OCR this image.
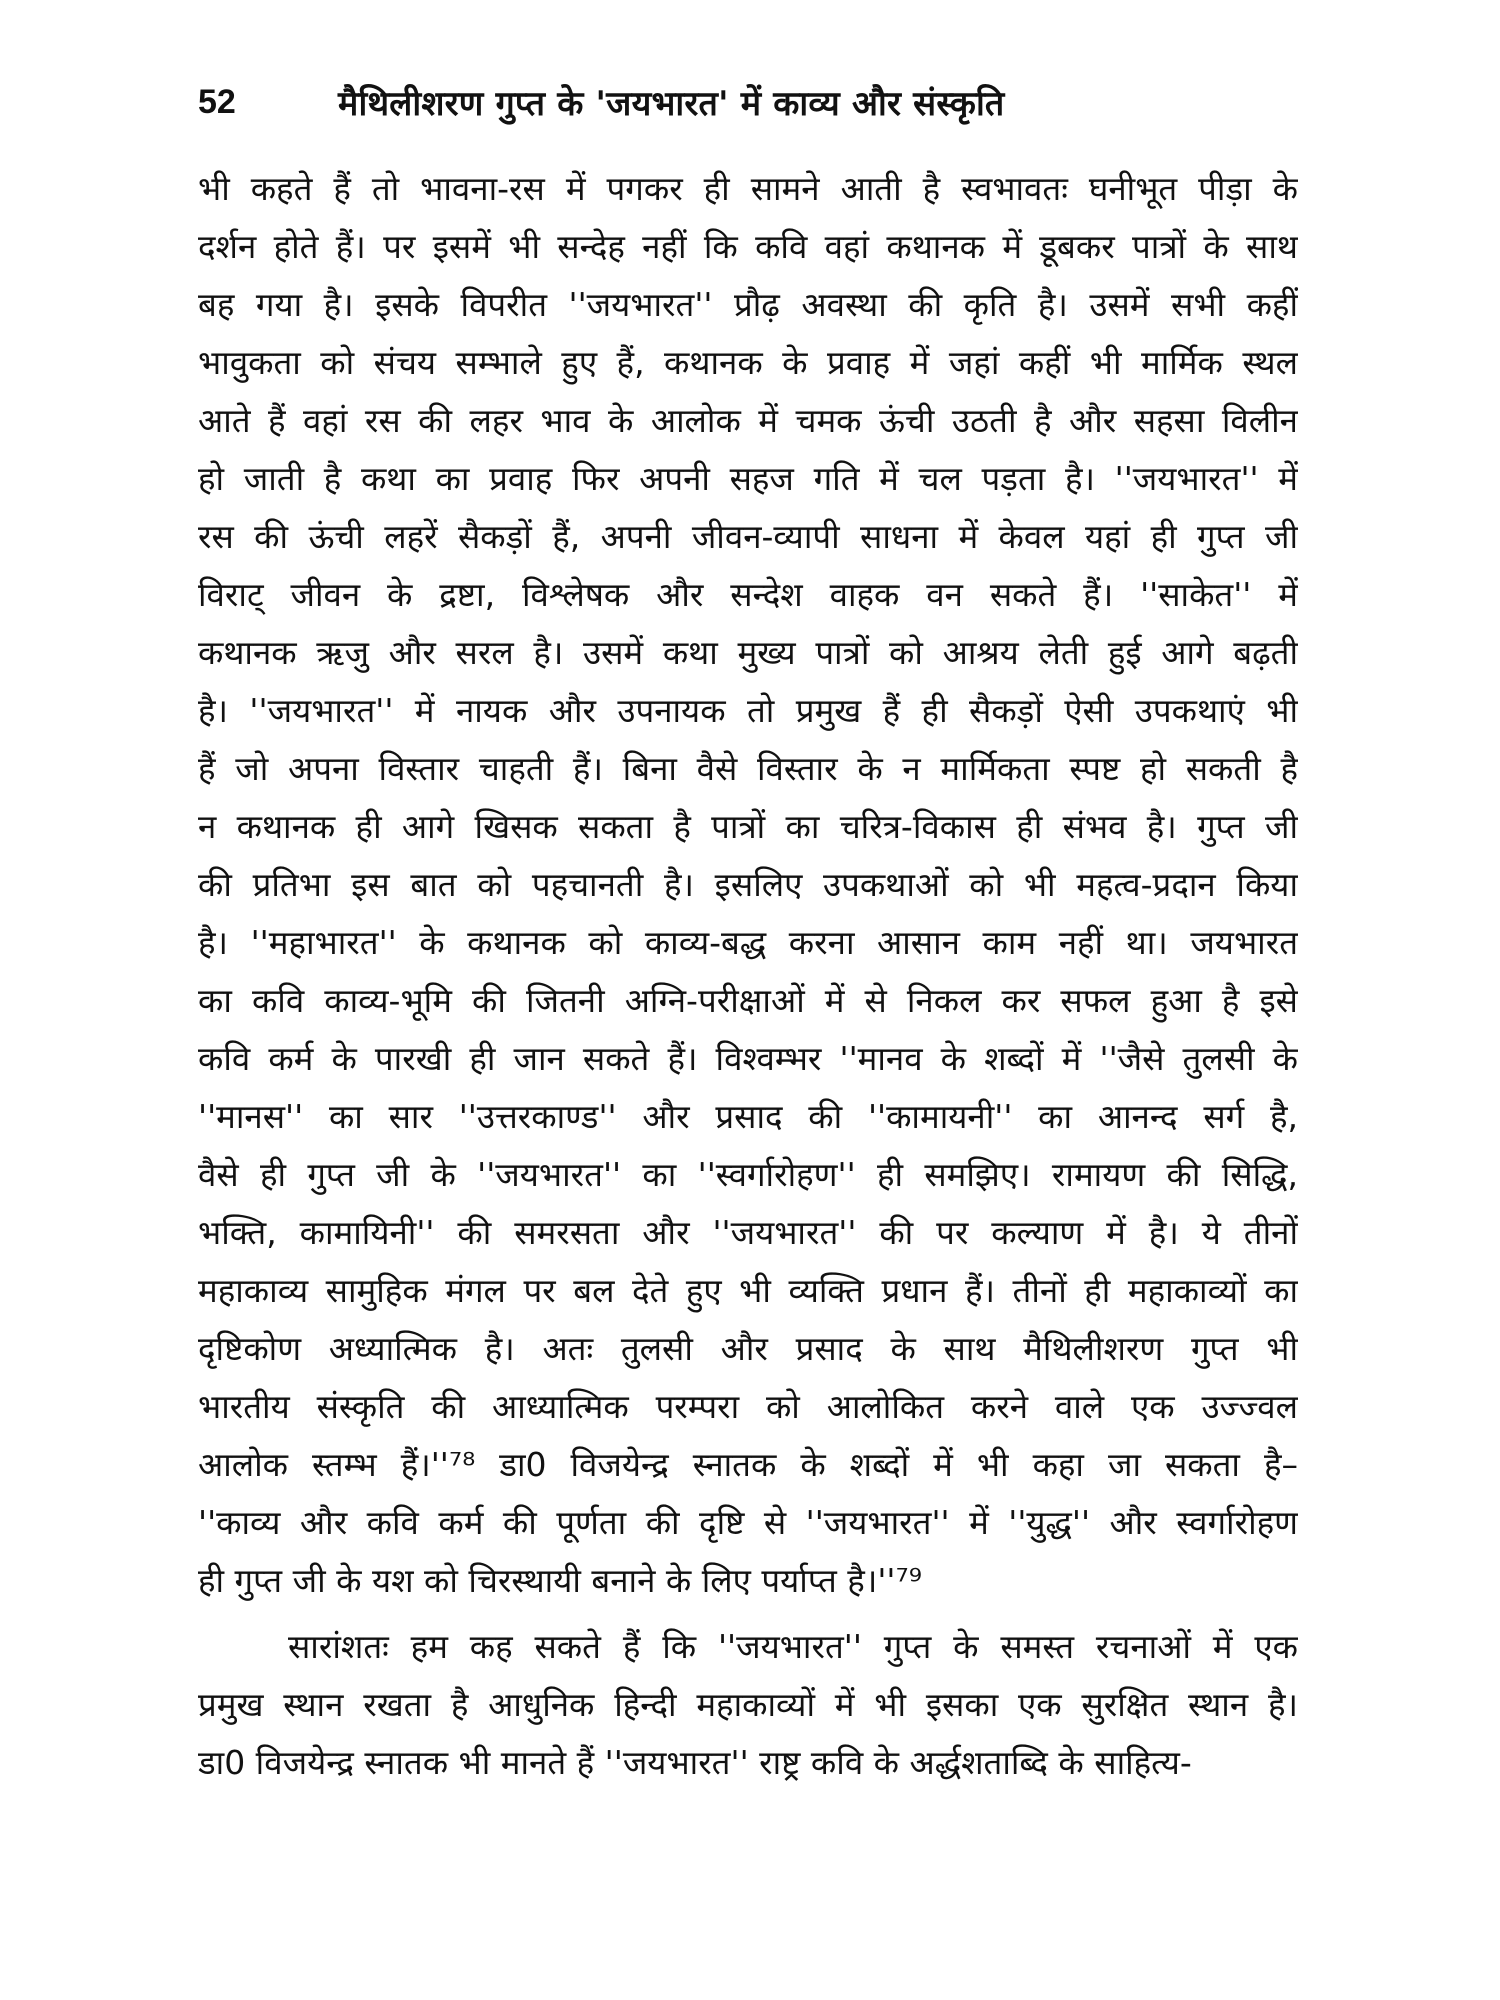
52	मैथिलीशरण गुप्त के 'जयभारत' में काव्य और संस्कृति
भी कहते हैं तो भावना-रस में पगकर ही सामने आती है स्वभावतः घनीभूत पीड़ा के
दर्शन होते हैं। पर इसमें भी सन्देह नहीं कि कवि वहां कथानक में डूबकर पात्रों के साथ
बह गया है। इसके विपरीत ''जयभारत'' प्रौढ़ अवस्था की कृति है। उसमें सभी कहीं
भावुकता को संचय सम्भाले हुए हैं, कथानक के प्रवाह में जहां कहीं भी मार्मिक स्थल
आते हैं वहां रस की लहर भाव के आलोक में चमक ऊंची उठती है और सहसा विलीन
हो जाती है कथा का प्रवाह फिर अपनी सहज गति में चल पड़ता है। ''जयभारत'' में
रस की ऊंची लहरें सैकड़ों हैं, अपनी जीवन-व्यापी साधना में केवल यहां ही गुप्त जी
विराट् जीवन के द्रष्टा, विश्लेषक और सन्देश वाहक वन सकते हैं। ''साकेत'' में
कथानक ऋजु और सरल है। उसमें कथा मुख्य पात्रों को आश्रय लेती हुई आगे बढ़ती
है। ''जयभारत'' में नायक और उपनायक तो प्रमुख हैं ही सैकड़ों ऐसी उपकथाएं भी
हैं जो अपना विस्तार चाहती हैं। बिना वैसे विस्तार के न मार्मिकता स्पष्ट हो सकती है
न कथानक ही आगे खिसक सकता है पात्रों का चरित्र-विकास ही संभव है। गुप्त जी
की प्रतिभा इस बात को पहचानती है। इसलिए उपकथाओं को भी महत्व-प्रदान किया
है। ''महाभारत'' के कथानक को काव्य-बद्ध करना आसान काम नहीं था। जयभारत
का कवि काव्य-भूमि की जितनी अग्नि-परीक्षाओं में से निकल कर सफल हुआ है इसे
कवि कर्म के पारखी ही जान सकते हैं। विश्वम्भर ''मानव के शब्दों में ''जैसे तुलसी के
''मानस'' का सार ''उत्तरकाण्ड'' और प्रसाद की ''कामायनी'' का आनन्द सर्ग है,
वैसे ही गुप्त जी के ''जयभारत'' का ''स्वर्गारोहण'' ही समझिए। रामायण की सिद्धि,
भक्ति, कामायिनी'' की समरसता और ''जयभारत'' की पर कल्याण में है। ये तीनों
महाकाव्य सामुहिक मंगल पर बल देते हुए भी व्यक्ति प्रधान हैं। तीनों ही महाकाव्यों का
दृष्टिकोण अध्यात्मिक है। अतः तुलसी और प्रसाद के साथ मैथिलीशरण गुप्त भी
भारतीय संस्कृति की आध्यात्मिक परम्परा को आलोकित करने वाले एक उज्ज्वल
आलोक स्तम्भ हैं।''⁷⁸ डा0 विजयेन्द्र स्नातक के शब्दों में भी कहा जा सकता है–
''काव्य और कवि कर्म की पूर्णता की दृष्टि से ''जयभारत'' में ''युद्ध'' और स्वर्गारोहण
ही गुप्त जी के यश को चिरस्थायी बनाने के लिए पर्याप्त है।''⁷⁹
सारांशतः हम कह सकते हैं कि ''जयभारत'' गुप्त के समस्त रचनाओं में एक
प्रमुख स्थान रखता है आधुनिक हिन्दी महाकाव्यों में भी इसका एक सुरक्षित स्थान है।
डा0 विजयेन्द्र स्नातक भी मानते हैं ''जयभारत'' राष्ट्र कवि के अर्द्धशताब्दि के साहित्य-
